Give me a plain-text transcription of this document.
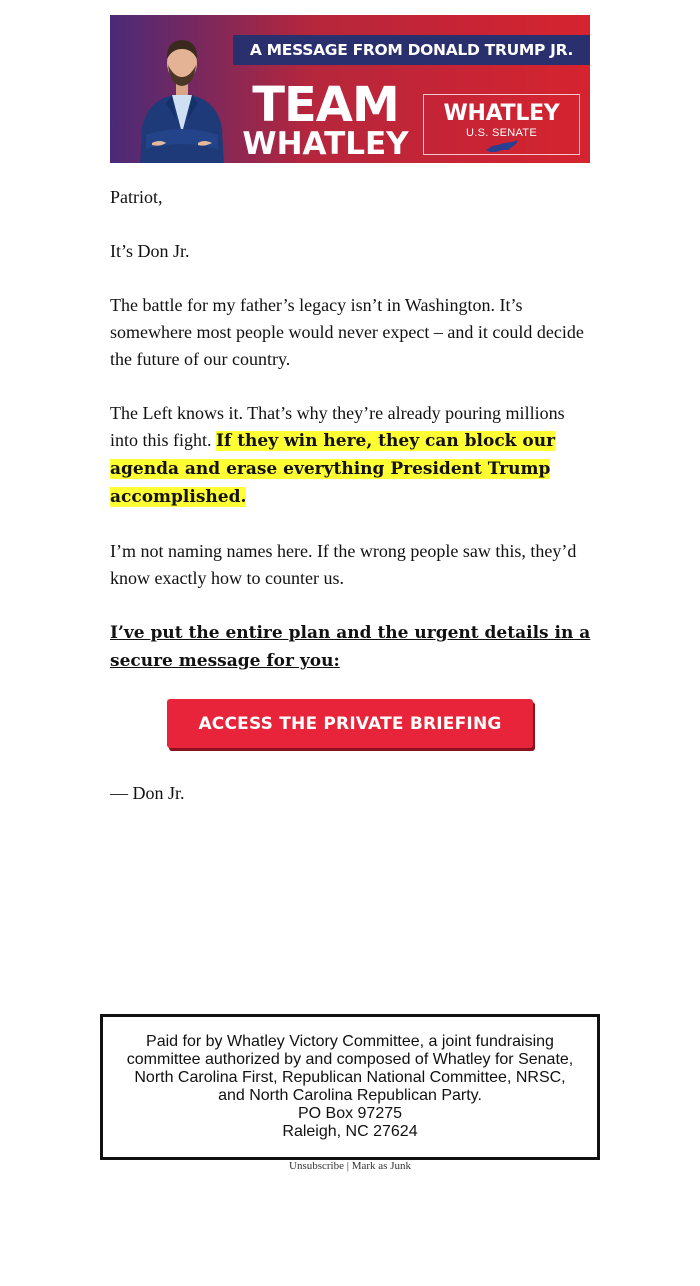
A MESSAGE FROM DONALD TRUMP JR.
TEAM
WHATLEY
WHATLEY
U.S. SENATE

Patriot,

It’s Don Jr.

The battle for my father’s legacy isn’t in Washington. It’s somewhere most people would never expect – and it could decide the future of our country.

The Left knows it. That’s why they’re already pouring millions into this fight. If they win here, they can block our agenda and erase everything President Trump accomplished.

I’m not naming names here. If the wrong people saw this, they’d know exactly how to counter us.

I’ve put the entire plan and the urgent details in a secure message for you:

ACCESS THE PRIVATE BRIEFING
— Don Jr.
Paid for by Whatley Victory Committee, a joint fundraising
committee authorized by and composed of Whatley for Senate,
North Carolina First, Republican National Committee, NRSC,
and North Carolina Republican Party.
PO Box 97275
Raleigh, NC 27624
Unsubscribe | Mark as Junk
